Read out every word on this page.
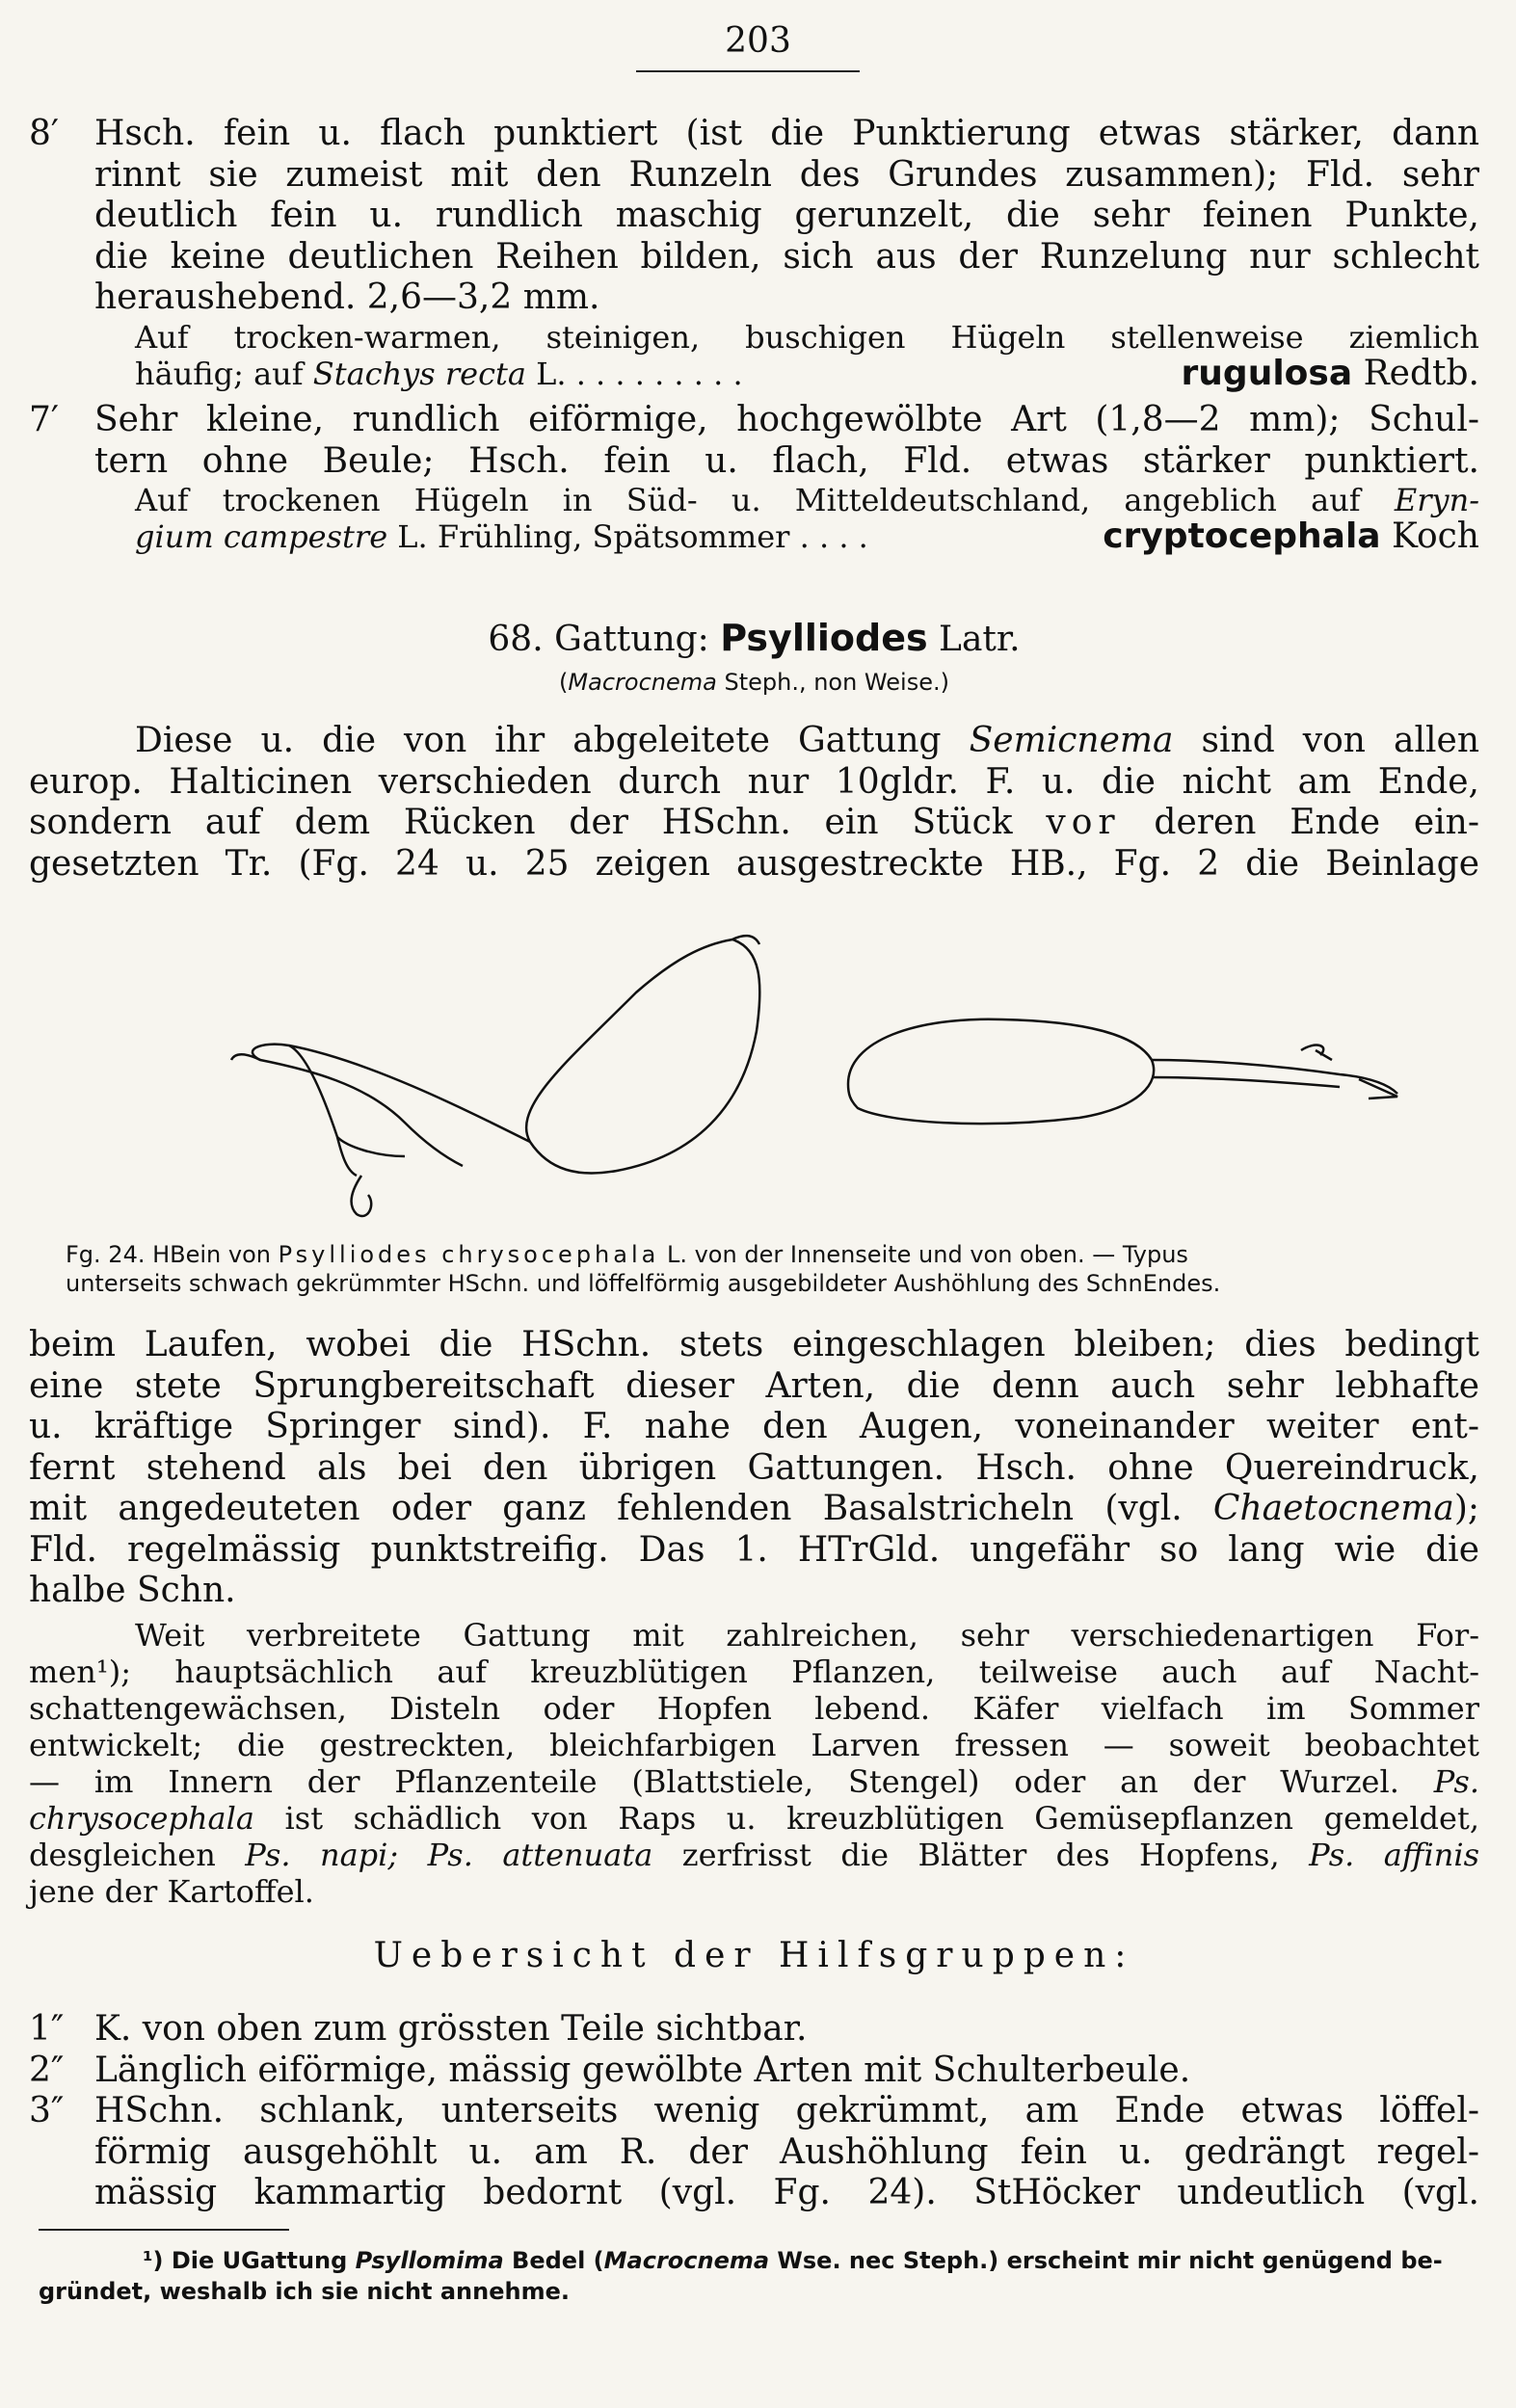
203
8′ Hsch. fein u. flach punktiert (ist die Punktierung etwas stärker, dann
rinnt sie zumeist mit den Runzeln des Grundes zusammen); Fld. sehr
deutlich fein u. rundlich maschig gerunzelt, die sehr feinen Punkte,
die keine deutlichen Reihen bilden, sich aus der Runzelung nur schlecht
heraushebend. 2,6—3,2 mm.
Auf trocken-warmen, steinigen, buschigen Hügeln stellenweise ziemlich
häufig; auf Stachys recta L. . . . . . . . . .	rugulosa Redtb.
7′ Sehr kleine, rundlich eiförmige, hochgewölbte Art (1,8—2 mm); Schul-
tern ohne Beule; Hsch. fein u. flach, Fld. etwas stärker punktiert.
Auf trockenen Hügeln in Süd- u. Mitteldeutschland, angeblich auf Eryn-
gium campestre L. Frühling, Spätsommer . . . .	cryptocephala Koch
68. Gattung: Psylliodes Latr.
(Macrocnema Steph., non Weise.)
Diese u. die von ihr abgeleitete Gattung Semicnema sind von allen
europ. Halticinen verschieden durch nur 10gldr. F. u. die nicht am Ende,
sondern auf dem Rücken der HSchn. ein Stück vor deren Ende ein-
gesetzten Tr. (Fg. 24 u. 25 zeigen ausgestreckte HB., Fg. 2 die Beinlage
Fg. 24. HBein von Psylliodes chrysocephala L. von der Innenseite und von oben. — Typus
unterseits schwach gekrümmter HSchn. und löffelförmig ausgebildeter Aushöhlung des SchnEndes.
beim Laufen, wobei die HSchn. stets eingeschlagen bleiben; dies bedingt
eine stete Sprungbereitschaft dieser Arten, die denn auch sehr lebhafte
u. kräftige Springer sind). F. nahe den Augen, voneinander weiter ent-
fernt stehend als bei den übrigen Gattungen. Hsch. ohne Quereindruck,
mit angedeuteten oder ganz fehlenden Basalstricheln (vgl. Chaetocnema);
Fld. regelmässig punktstreifig. Das 1. HTrGld. ungefähr so lang wie die
halbe Schn.
Weit verbreitete Gattung mit zahlreichen, sehr verschiedenartigen For-
men¹); hauptsächlich auf kreuzblütigen Pflanzen, teilweise auch auf Nacht-
schattengewächsen, Disteln oder Hopfen lebend. Käfer vielfach im Sommer
entwickelt; die gestreckten, bleichfarbigen Larven fressen — soweit beobachtet
— im Innern der Pflanzenteile (Blattstiele, Stengel) oder an der Wurzel. Ps.
chrysocephala ist schädlich von Raps u. kreuzblütigen Gemüsepflanzen gemeldet,
desgleichen Ps. napi; Ps. attenuata zerfrisst die Blätter des Hopfens, Ps. affinis
jene der Kartoffel.
Uebersicht der Hilfsgruppen:
1″ K. von oben zum grössten Teile sichtbar.
2″ Länglich eiförmige, mässig gewölbte Arten mit Schulterbeule.
3″ HSchn. schlank, unterseits wenig gekrümmt, am Ende etwas löffel-
förmig ausgehöhlt u. am R. der Aushöhlung fein u. gedrängt regel-
mässig kammartig bedornt (vgl. Fg. 24). StHöcker undeutlich (vgl.
¹) Die UGattung Psyllomima Bedel (Macrocnema Wse. nec Steph.) erscheint mir nicht genügend be-
gründet, weshalb ich sie nicht annehme.
